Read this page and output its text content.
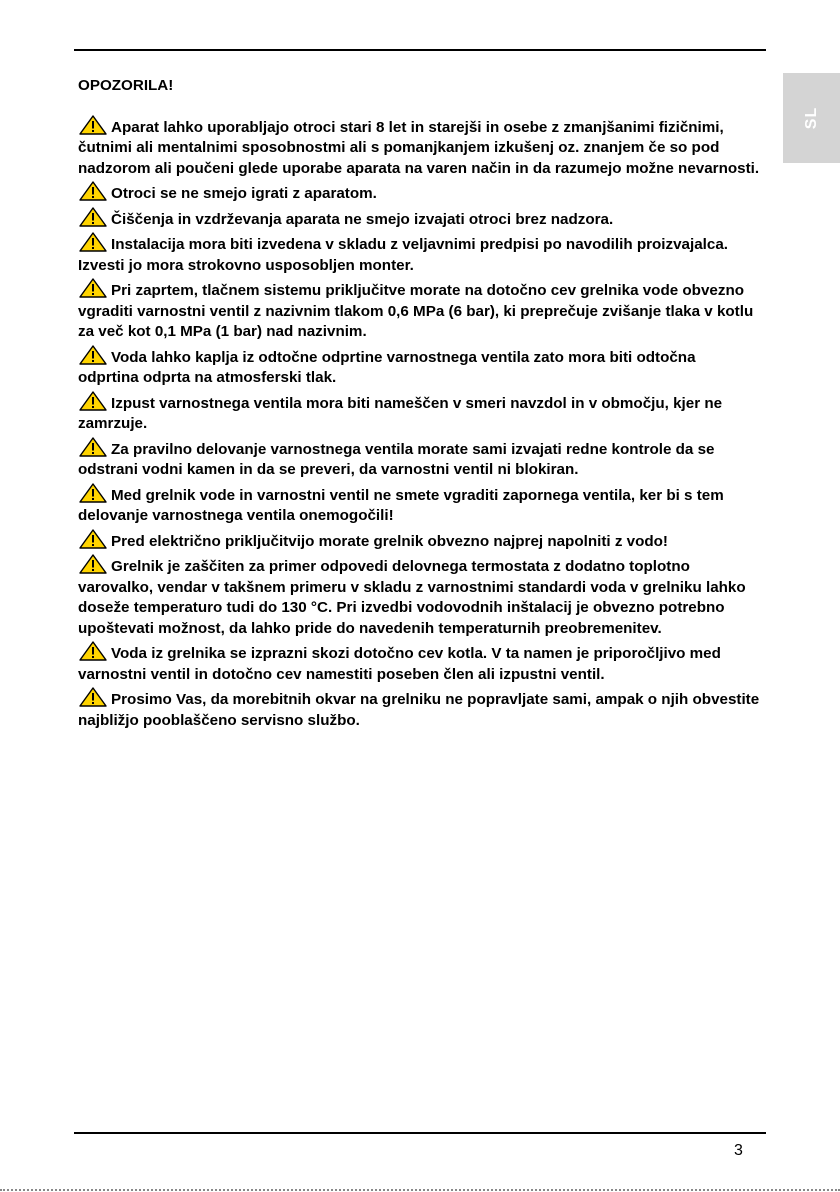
SL
OPOZORILA!
Aparat lahko uporabljajo otroci stari 8 let in starejši in osebe z zmanjšanimi fizičnimi, čutnimi ali mentalnimi sposobnostmi ali s pomanjkanjem izkušenj oz. znanjem če so pod nadzorom ali poučeni glede uporabe aparata na varen način in da razumejo možne nevarnosti.
Otroci se ne smejo igrati z aparatom.
Čiščenja in vzdrževanja aparata ne smejo izvajati otroci brez nadzora.
Instalacija mora biti izvedena v skladu z veljavnimi predpisi po navodilih proizvajalca. Izvesti jo mora strokovno usposobljen monter.
Pri zaprtem, tlačnem sistemu priključitve morate na dotočno cev grelnika vode obvezno vgraditi varnostni ventil z nazivnim tlakom 0,6 MPa (6 bar), ki preprečuje zvišanje tlaka v kotlu za več kot 0,1 MPa (1 bar) nad nazivnim.
Voda lahko kaplja iz odtočne odprtine varnostnega ventila zato mora biti odtočna odprtina odprta na atmosferski tlak.
Izpust varnostnega ventila mora biti nameščen v smeri navzdol in v območju, kjer ne zamrzuje.
Za pravilno delovanje varnostnega ventila morate sami izvajati redne kontrole da se odstrani vodni kamen in da se preveri, da varnostni ventil ni blokiran.
Med grelnik vode in varnostni ventil ne smete vgraditi zapornega ventila, ker bi s tem delovanje varnostnega ventila onemogočili!
Pred električno priključitvijo morate grelnik obvezno najprej napolniti z vodo!
Grelnik je zaščiten za primer odpovedi delovnega termostata z dodatno toplotno varovalko, vendar v takšnem primeru v skladu z varnostnimi standardi voda v grelniku lahko doseže temperaturo tudi do 130 °C. Pri izvedbi vodovodnih inštalacij je obvezno potrebno upoštevati možnost, da lahko pride do navedenih temperaturnih preobremenitev.
Voda iz grelnika se izprazni skozi dotočno cev kotla. V ta namen je priporočljivo med varnostni ventil in dotočno cev namestiti poseben člen ali izpustni ventil.
Prosimo Vas, da morebitnih okvar na grelniku ne popravljate sami, ampak o njih obvestite najbližjo pooblaščeno servisno službo.
3
